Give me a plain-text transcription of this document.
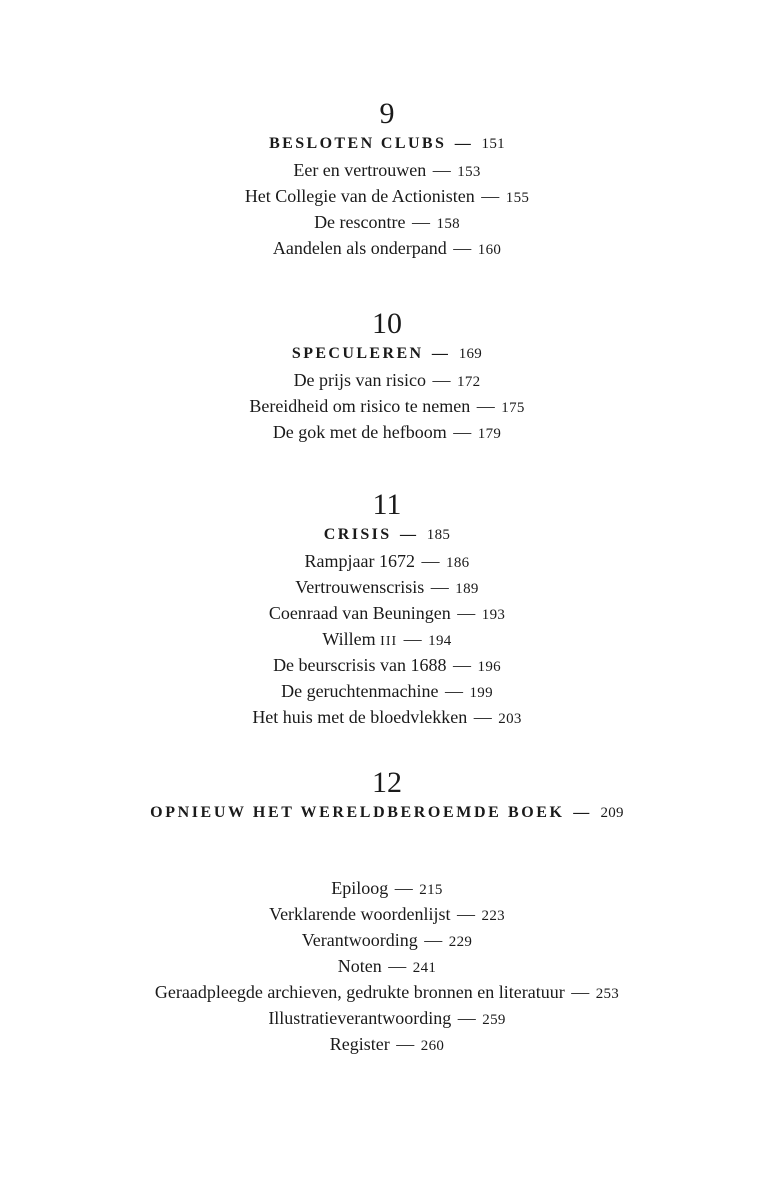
9
BESLOTEN CLUBS — 151
Eer en vertrouwen — 153
Het Collegie van de Actionisten — 155
De rescontre — 158
Aandelen als onderpand — 160
10
SPECULEREN — 169
De prijs van risico — 172
Bereidheid om risico te nemen — 175
De gok met de hefboom — 179
11
CRISIS — 185
Rampjaar 1672 — 186
Vertrouwenscrisis — 189
Coenraad van Beuningen — 193
Willem III — 194
De beurscrisis van 1688 — 196
De geruchtenmachine — 199
Het huis met de bloedvlekken — 203
12
OPNIEUW HET WERELDBEROEMDE BOEK — 209
Epiloog — 215
Verklarende woordenlijst — 223
Verantwoording — 229
Noten — 241
Geraadpleegde archieven, gedrukte bronnen en literatuur — 253
Illustratieverantwoording — 259
Register — 260
